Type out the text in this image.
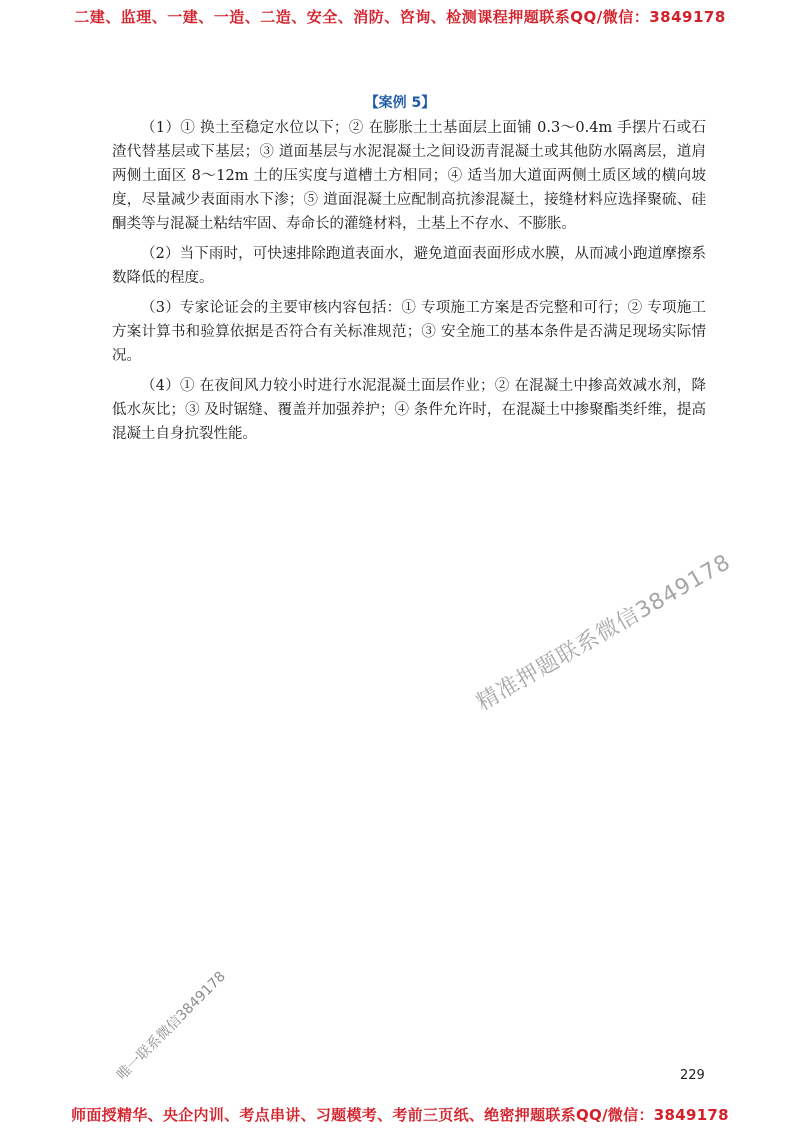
二建、监理、一建、一造、二造、安全、消防、咨询、检测课程押题联系QQ/微信：3849178
【案例 5】

（1）① 换土至稳定水位以下；② 在膨胀土土基面层上面铺 0.3～0.4m 手摆片石或石渣代替基层或下基层；③ 道面基层与水泥混凝土之间设沥青混凝土或其他防水隔离层，道肩两侧土面区 8～12m 土的压实度与道槽土方相同；④ 适当加大道面两侧土质区域的横向坡度，尽量减少表面雨水下渗；⑤ 道面混凝土应配制高抗渗混凝土，接缝材料应选择聚硫、硅酮类等与混凝土粘结牢固、寿命长的灌缝材料，土基上不存水、不膨胀。

（2）当下雨时，可快速排除跑道表面水，避免道面表面形成水膜，从而减小跑道摩擦系数降低的程度。

（3）专家论证会的主要审核内容包括：① 专项施工方案是否完整和可行；② 专项施工方案计算书和验算依据是否符合有关标准规范；③ 安全施工的基本条件是否满足现场实际情况。

（4）① 在夜间风力较小时进行水泥混凝土面层作业；② 在混凝土中掺高效减水剂，降低水灰比；③ 及时锯缝、覆盖并加强养护；④ 条件允许时，在混凝土中掺聚酯类纤维，提高混凝土自身抗裂性能。

精准押题联系微信3849178
唯一联系微信3849178	229
师面授精华、央企内训、考点串讲、习题模考、考前三页纸、绝密押题联系QQ/微信：3849178
